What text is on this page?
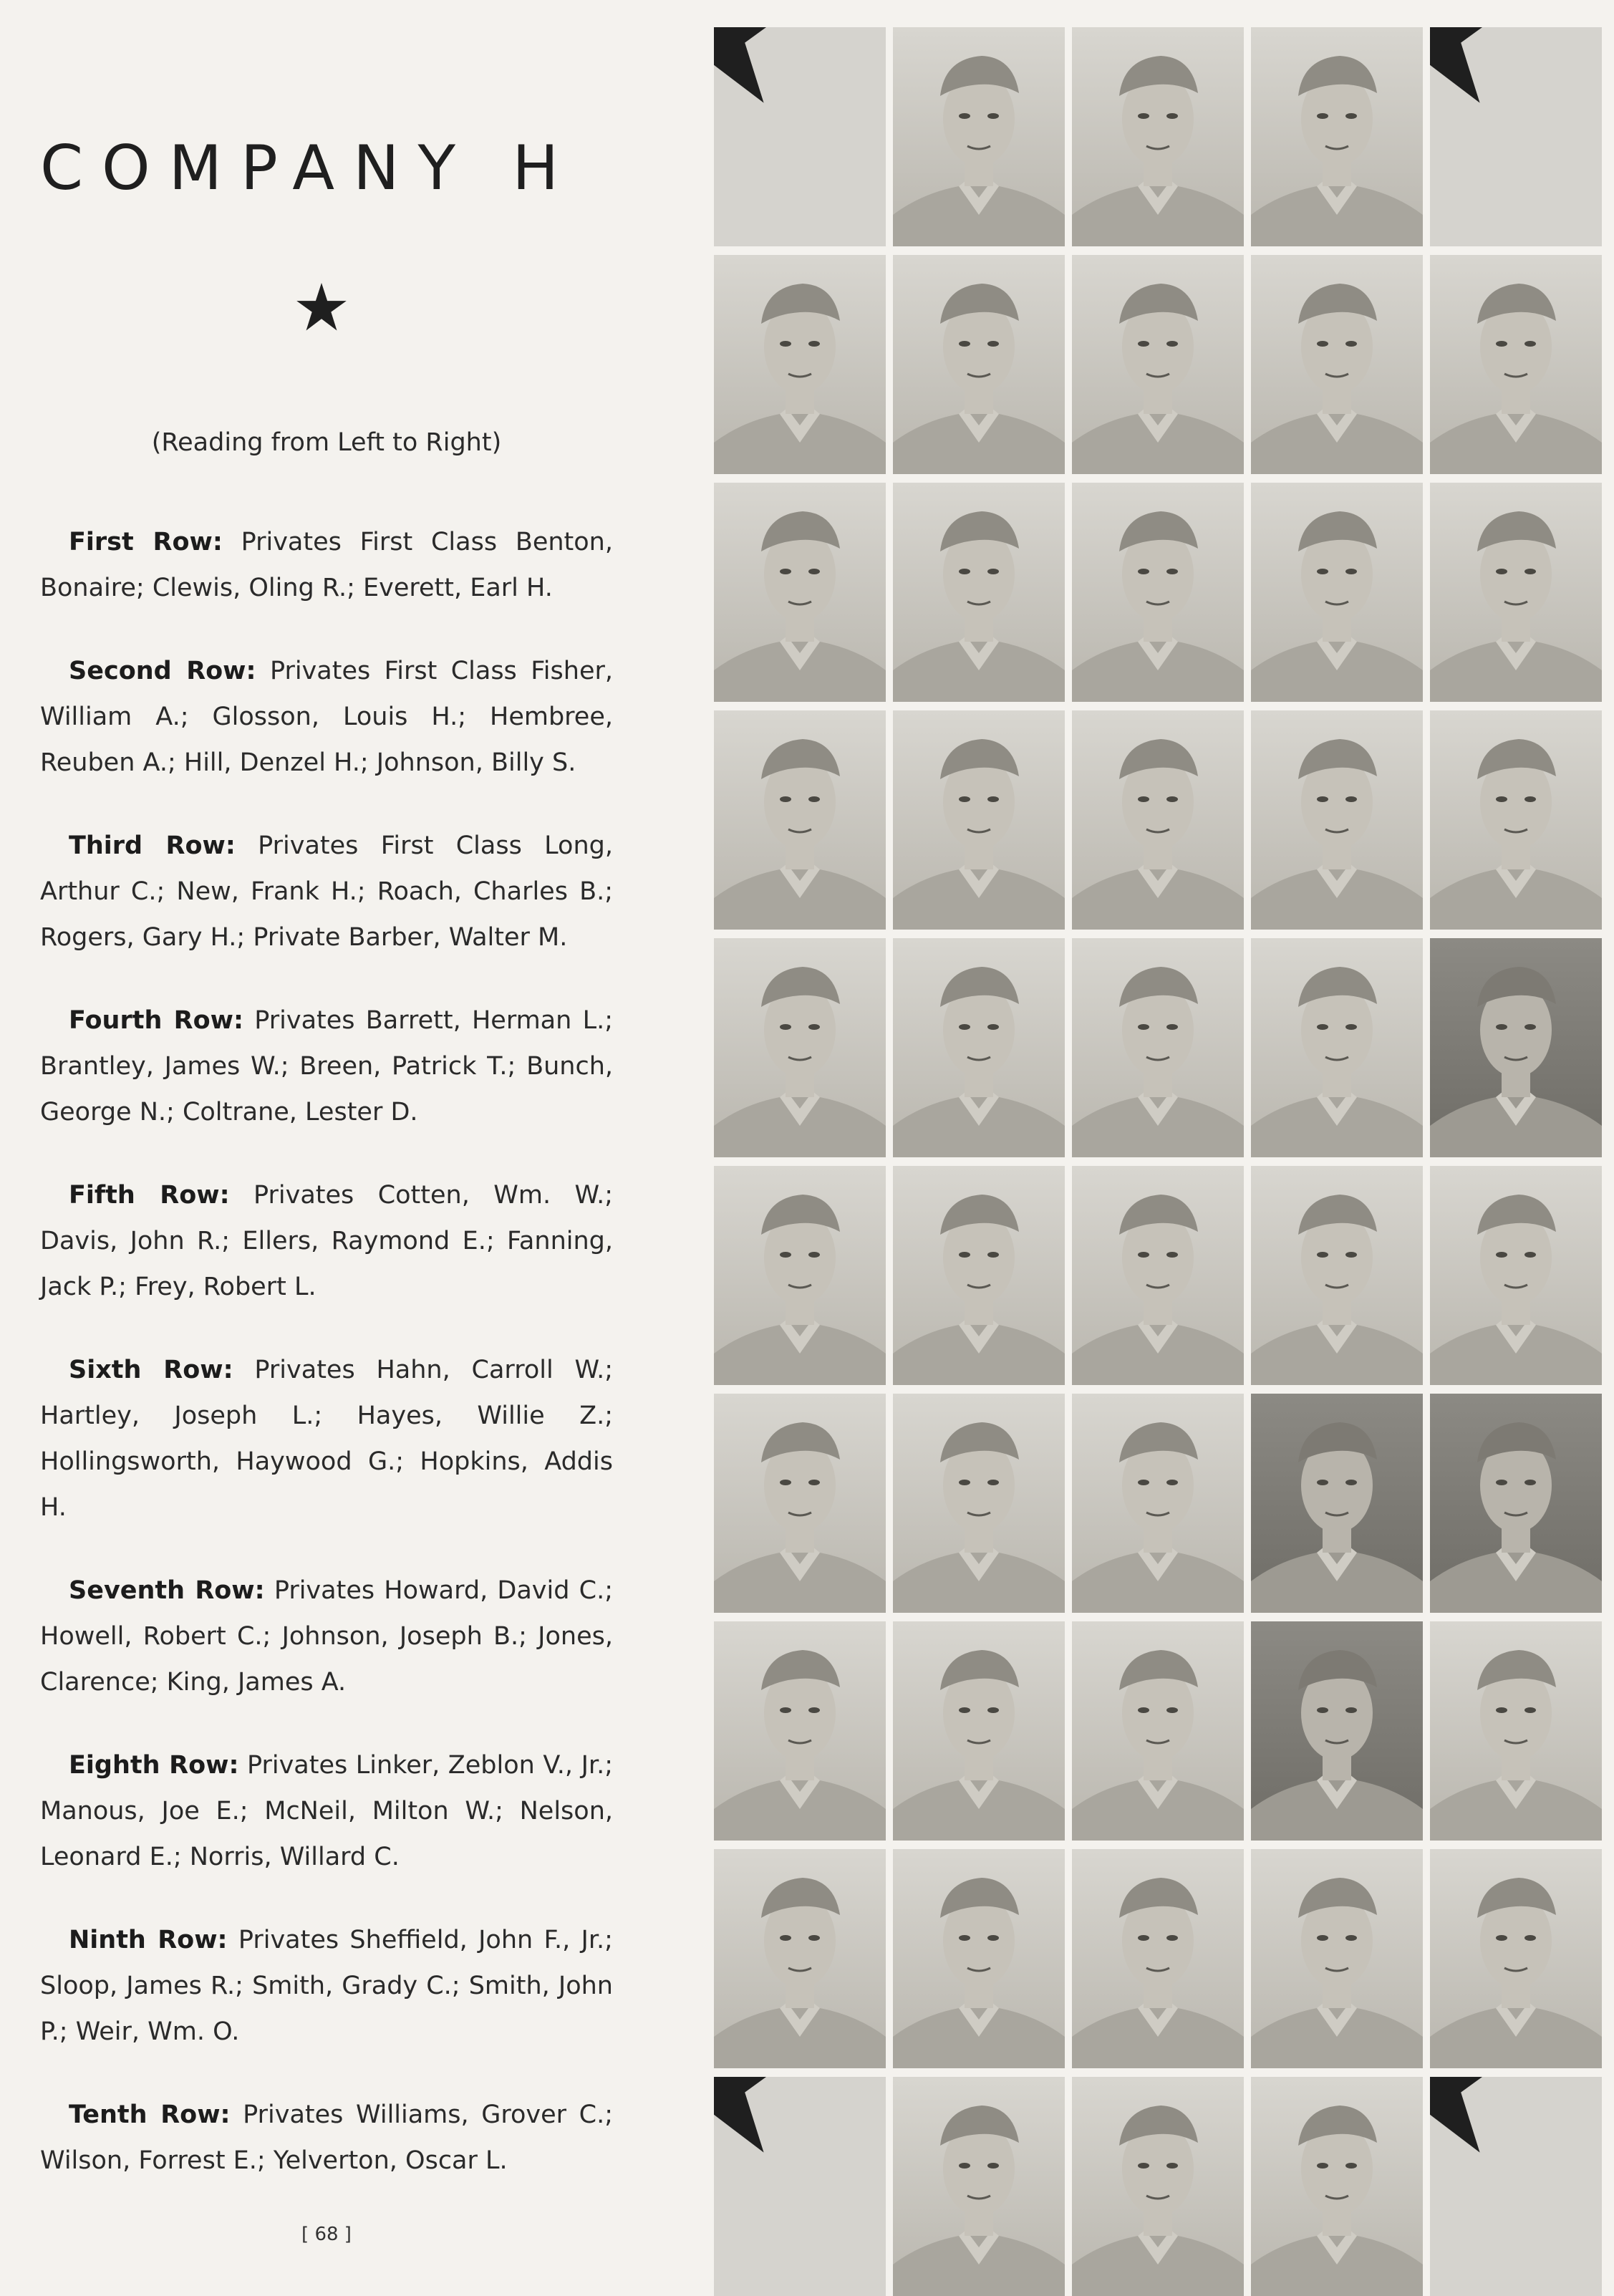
COMPANY H
(Reading from Left to Right)

First Row: Privates First Class Benton, Bonaire; Clewis, Oling R.; Everett, Earl H.

Second Row: Privates First Class Fisher, William A.; Glosson, Louis H.; Hembree, Reuben A.; Hill, Denzel H.; Johnson, Billy S.

Third Row: Privates First Class Long, Arthur C.; New, Frank H.; Roach, Charles B.; Rogers, Gary H.; Private Barber, Walter M.

Fourth Row: Privates Barrett, Herman L.; Brantley, James W.; Breen, Patrick T.; Bunch, George N.; Coltrane, Lester D.

Fifth Row: Privates Cotten, Wm. W.; Davis, John R.; Ellers, Raymond E.; Fanning, Jack P.; Frey, Robert L.

Sixth Row: Privates Hahn, Carroll W.; Hartley, Joseph L.; Hayes, Willie Z.; Hollingsworth, Haywood G.; Hopkins, Addis H.

Seventh Row: Privates Howard, David C.; Howell, Robert C.; Johnson, Joseph B.; Jones, Clarence; King, James A.

Eighth Row: Privates Linker, Zeblon V., Jr.; Manous, Joe E.; McNeil, Milton W.; Nelson, Leonard E.; Norris, Willard C.

Ninth Row: Privates Sheffield, John F., Jr.; Sloop, James R.; Smith, Grady C.; Smith, John P.; Weir, Wm. O.

Tenth Row: Privates Williams, Grover C.; Wilson, Forrest E.; Yelverton, Oscar L.

[ 68 ]
